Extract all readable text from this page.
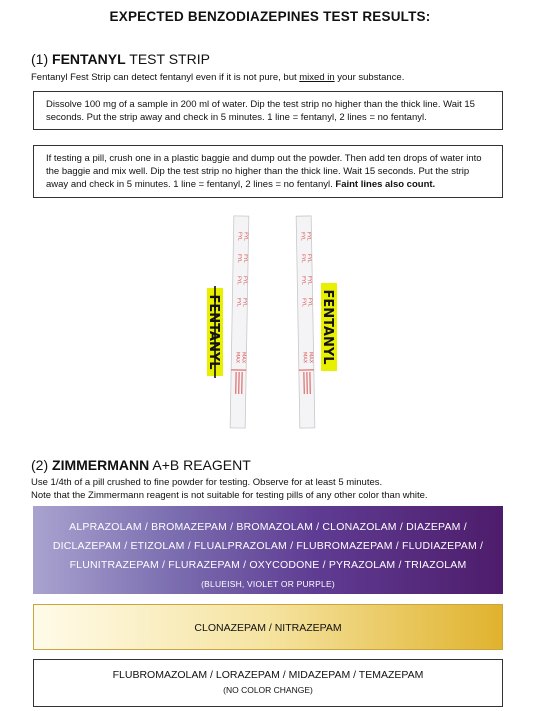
EXPECTED BENZODIAZEPINES TEST RESULTS:
(1) FENTANYL TEST STRIP
Fentanyl Fest Strip can detect fentanyl even if it is not pure, but mixed in your substance.
Dissolve 100 mg of a sample in 200 ml of water. Dip the test strip no higher than the thick line. Wait 15 seconds. Put the strip away and check in 5 minutes. 1 line = fentanyl, 2 lines = no fentanyl.
If testing a pill, crush one in a plastic baggie and dump out the powder. Then add ten drops of water into the baggie and mix well. Dip the test strip no higher than the thick line. Wait 15 seconds. Put the strip away and check in 5 minutes. 1 line = fentanyl, 2 lines = no fentanyl. Faint lines also count.
FYL FYL
FYL FYL
FYL FYL
FYL FYL
MAX MAX
FENTANYL
FYL FYL
FYL FYL
FYL FYL
FYL FYL
MAX MAX FENTANYL
(2) ZIMMERMANN A+B REAGENT
Use 1/4th of a pill crushed to fine powder for testing. Observe for at least 5 minutes.
Note that the Zimmermann reagent is not suitable for testing pills of any other color than white.
ALPRAZOLAM / BROMAZEPAM / BROMAZOLAM / CLONAZOLAM / DIAZEPAM /
DICLAZEPAM / ETIZOLAM / FLUALPRAZOLAM / FLUBROMAZEPAM / FLUDIAZEPAM /
FLUNITRAZEPAM / FLURAZEPAM / OXYCODONE / PYRAZOLAM / TRIAZOLAM
(BLUEISH, VIOLET OR PURPLE)
CLONAZEPAM / NITRAZEPAM
FLUBROMAZOLAM / LORAZEPAM / MIDAZEPAM / TEMAZEPAM
(NO COLOR CHANGE)
